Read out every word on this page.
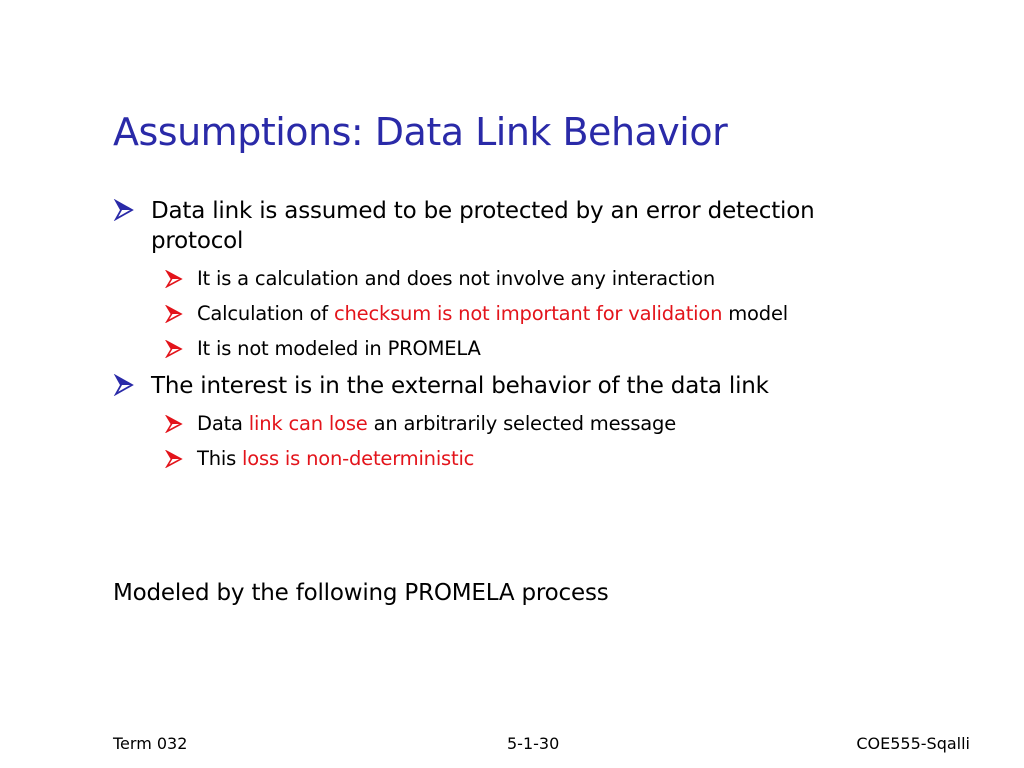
Assumptions: Data Link Behavior
Data link is assumed to be protected by an error detection protocol
It is a calculation and does not involve any interaction
Calculation of checksum is not important for validation model
It is not modeled in PROMELA
The interest is in the external behavior of the data link
Data link can lose an arbitrarily selected message
This loss is non-deterministic
Modeled by the following PROMELA process
Term 032	5-1-30	COE555-Sqalli
